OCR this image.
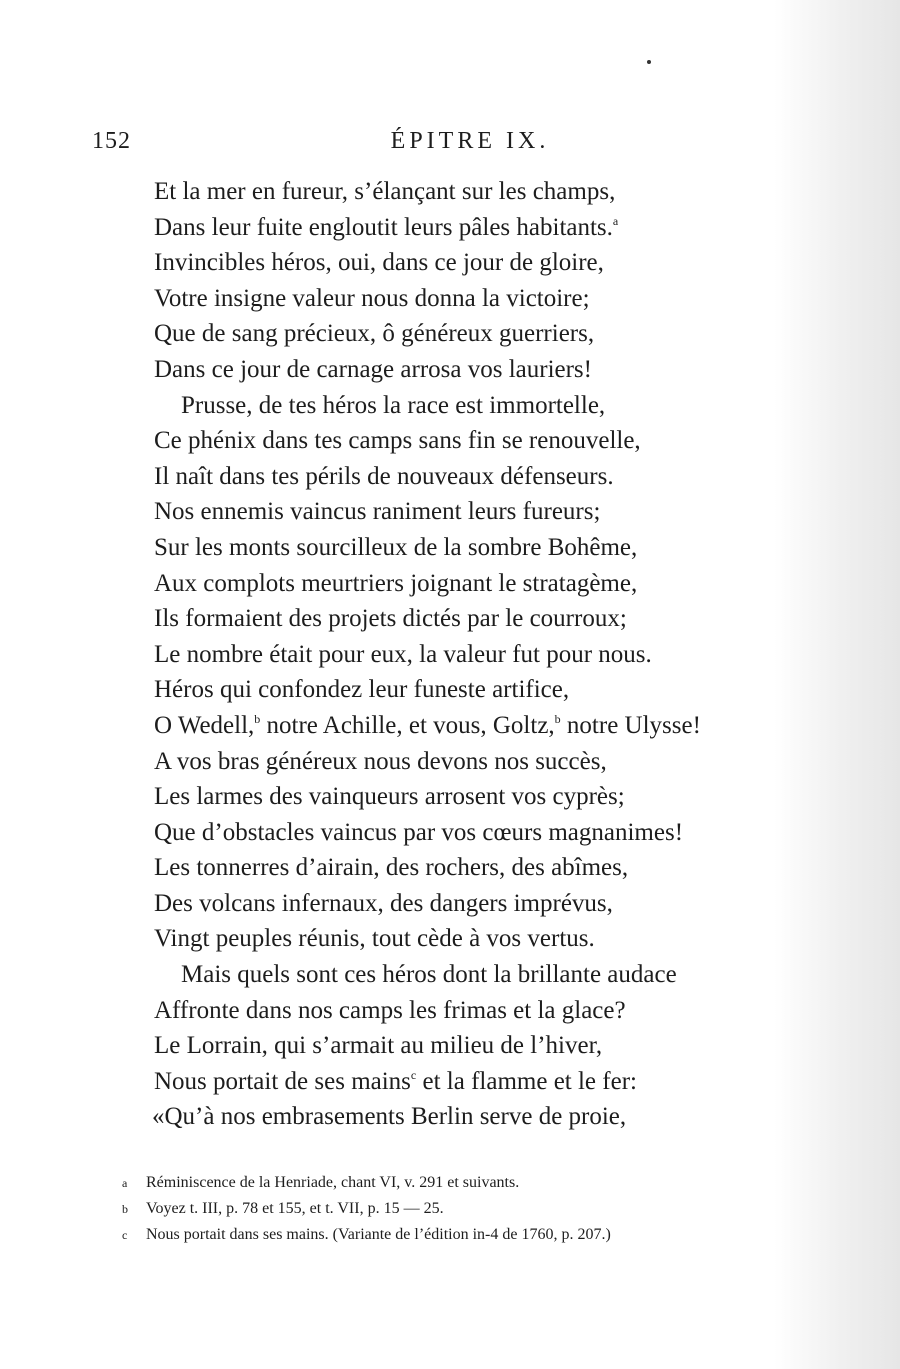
152	ÉPITRE IX.
Et la mer en fureur, s’élançant sur les champs,
Dans leur fuite engloutit leurs pâles habitants.$^a$
Invincibles héros, oui, dans ce jour de gloire,
Votre insigne valeur nous donna la victoire;
Que de sang précieux, ô généreux guerriers,
Dans ce jour de carnage arrosa vos lauriers!
Prusse, de tes héros la race est immortelle,
Ce phénix dans tes camps sans fin se renouvelle,
Il naît dans tes périls de nouveaux défenseurs.
Nos ennemis vaincus raniment leurs fureurs;
Sur les monts sourcilleux de la sombre Bohême,
Aux complots meurtriers joignant le stratagème,
Ils formaient des projets dictés par le courroux;
Le nombre était pour eux, la valeur fut pour nous.
Héros qui confondez leur funeste artifice,
O Wedell,$^b$ notre Achille, et vous, Goltz,$^b$ notre Ulysse!
A vos bras généreux nous devons nos succès,
Les larmes des vainqueurs arrosent vos cyprès;
Que d’obstacles vaincus par vos cœurs magnanimes!
Les tonnerres d’airain, des rochers, des abîmes,
Des volcans infernaux, des dangers imprévus,
Vingt peuples réunis, tout cède à vos vertus.
Mais quels sont ces héros dont la brillante audace
Affronte dans nos camps les frimas et la glace?
Le Lorrain, qui s’armait au milieu de l’hiver,
Nous portait de ses mains$^c$ et la flamme et le fer:
«Qu’à nos embrasements Berlin serve de proie,
a Réminiscence de la Henriade, chant VI, v. 291 et suivants.
b Voyez t. III, p. 78 et 155, et t. VII, p. 15 — 25.
c Nous portait dans ses mains. (Variante de l’édition in-4 de 1760, p. 207.)
